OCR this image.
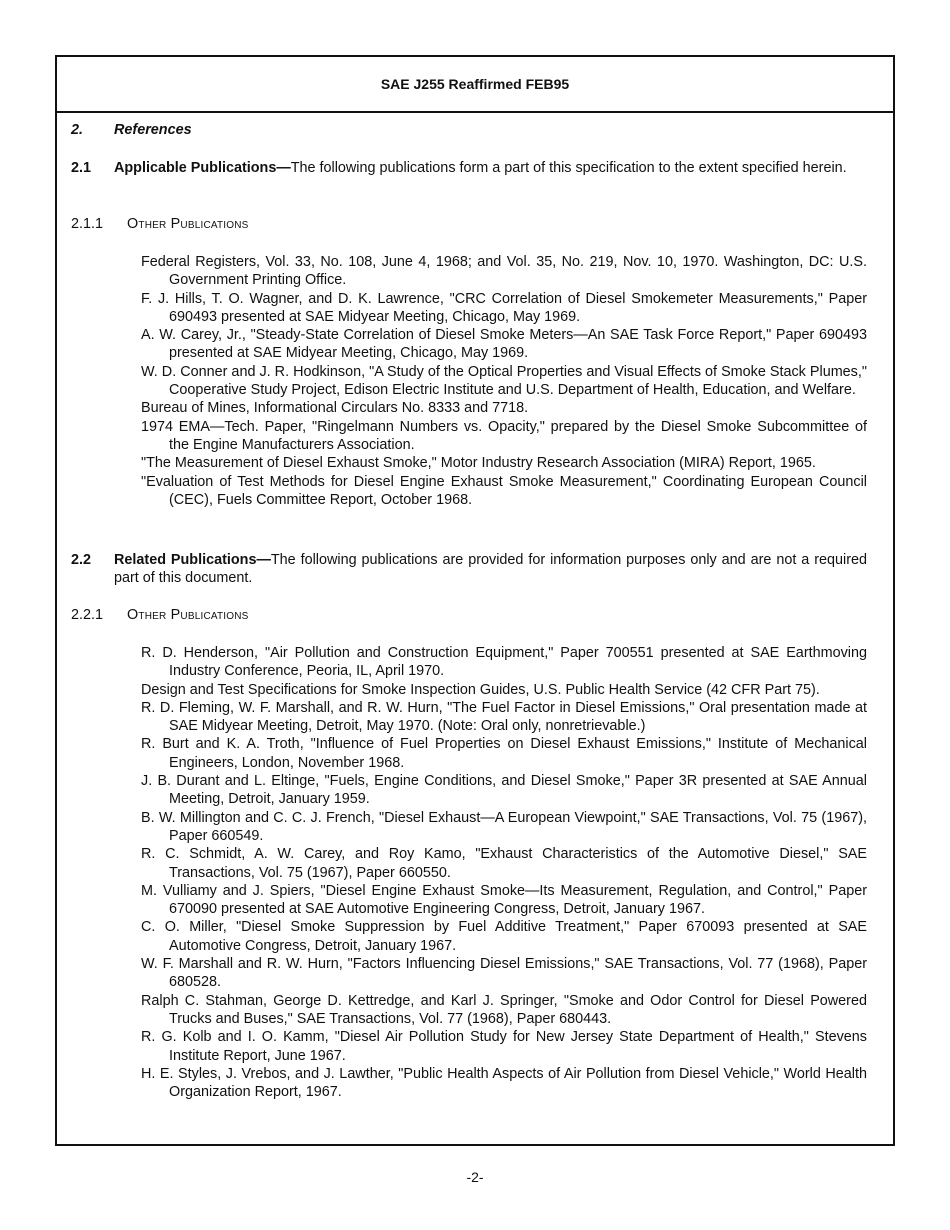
SAE J255 Reaffirmed FEB95
2. References
2.1	Applicable Publications—The following publications form a part of this specification to the extent specified herein.
2.1.1 Other Publications
Federal Registers, Vol. 33, No. 108, June 4, 1968; and Vol. 35, No. 219, Nov. 10, 1970. Washington, DC: U.S. Government Printing Office.
F. J. Hills, T. O. Wagner, and D. K. Lawrence, "CRC Correlation of Diesel Smokemeter Measurements," Paper 690493 presented at SAE Midyear Meeting, Chicago, May 1969.
A. W. Carey, Jr., "Steady-State Correlation of Diesel Smoke Meters—An SAE Task Force Report," Paper 690493 presented at SAE Midyear Meeting, Chicago, May 1969.
W. D. Conner and J. R. Hodkinson, "A Study of the Optical Properties and Visual Effects of Smoke Stack Plumes," Cooperative Study Project, Edison Electric Institute and U.S. Department of Health, Education, and Welfare.
Bureau of Mines, Informational Circulars No. 8333 and 7718.
1974 EMA—Tech. Paper, "Ringelmann Numbers vs. Opacity," prepared by the Diesel Smoke Subcommittee of the Engine Manufacturers Association.
"The Measurement of Diesel Exhaust Smoke," Motor Industry Research Association (MIRA) Report, 1965.
"Evaluation of Test Methods for Diesel Engine Exhaust Smoke Measurement," Coordinating European Council (CEC), Fuels Committee Report, October 1968.
2.2	Related Publications—The following publications are provided for information purposes only and are not a required part of this document.
2.2.1 Other Publications
R. D. Henderson, "Air Pollution and Construction Equipment," Paper 700551 presented at SAE Earthmoving Industry Conference, Peoria, IL, April 1970.
Design and Test Specifications for Smoke Inspection Guides, U.S. Public Health Service (42 CFR Part 75).
R. D. Fleming, W. F. Marshall, and R. W. Hurn, "The Fuel Factor in Diesel Emissions," Oral presentation made at SAE Midyear Meeting, Detroit, May 1970. (Note: Oral only, nonretrievable.)
R. Burt and K. A. Troth, "Influence of Fuel Properties on Diesel Exhaust Emissions," Institute of Mechanical Engineers, London, November 1968.
J. B. Durant and L. Eltinge, "Fuels, Engine Conditions, and Diesel Smoke," Paper 3R presented at SAE Annual Meeting, Detroit, January 1959.
B. W. Millington and C. C. J. French, "Diesel Exhaust—A European Viewpoint," SAE Transactions, Vol. 75 (1967), Paper 660549.
R. C. Schmidt, A. W. Carey, and Roy Kamo, "Exhaust Characteristics of the Automotive Diesel," SAE Transactions, Vol. 75 (1967), Paper 660550.
M. Vulliamy and J. Spiers, "Diesel Engine Exhaust Smoke—Its Measurement, Regulation, and Control," Paper 670090 presented at SAE Automotive Engineering Congress, Detroit, January 1967.
C. O. Miller, "Diesel Smoke Suppression by Fuel Additive Treatment," Paper 670093 presented at SAE Automotive Congress, Detroit, January 1967.
W. F. Marshall and R. W. Hurn, "Factors Influencing Diesel Emissions," SAE Transactions, Vol. 77 (1968), Paper 680528.
Ralph C. Stahman, George D. Kettredge, and Karl J. Springer, "Smoke and Odor Control for Diesel Powered Trucks and Buses," SAE Transactions, Vol. 77 (1968), Paper 680443.
R. G. Kolb and I. O. Kamm, "Diesel Air Pollution Study for New Jersey State Department of Health," Stevens Institute Report, June 1967.
H. E. Styles, J. Vrebos, and J. Lawther, "Public Health Aspects of Air Pollution from Diesel Vehicle," World Health Organization Report, 1967.
-2-
